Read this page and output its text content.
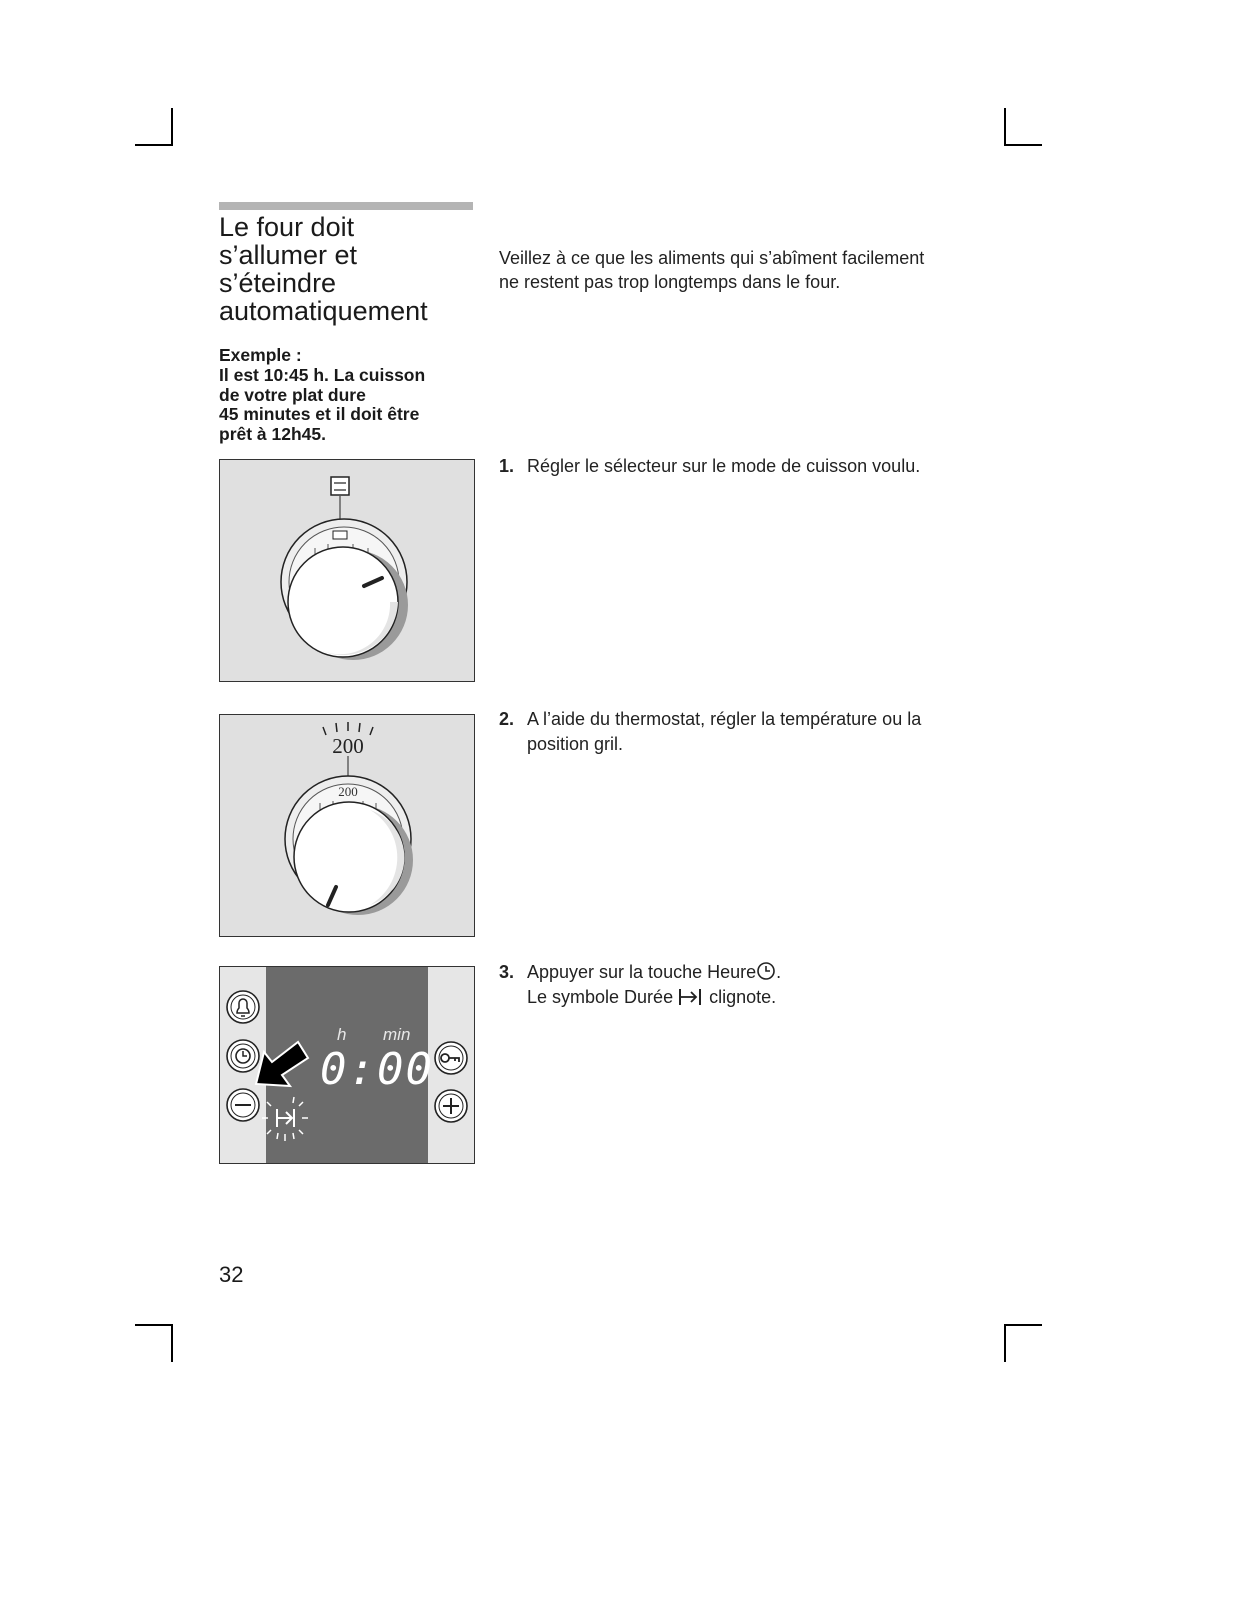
Le four doit
s’allumer et
s’éteindre
automatiquement

Exemple :
Il est 10:45 h. La cuisson
de votre plat dure
45 minutes et il doit être
prêt à 12h45.

Veillez à ce que les aliments qui s’abîment facilement
ne restent pas trop longtemps dans le four.

200
200
h min
0:00
1. Régler le sélecteur sur le mode de cuisson voulu.
2. A l’aide du thermostat, régler la température ou la position gril.
3. Appuyer sur la touche Heure .
Le symbole Durée  clignote.

32
